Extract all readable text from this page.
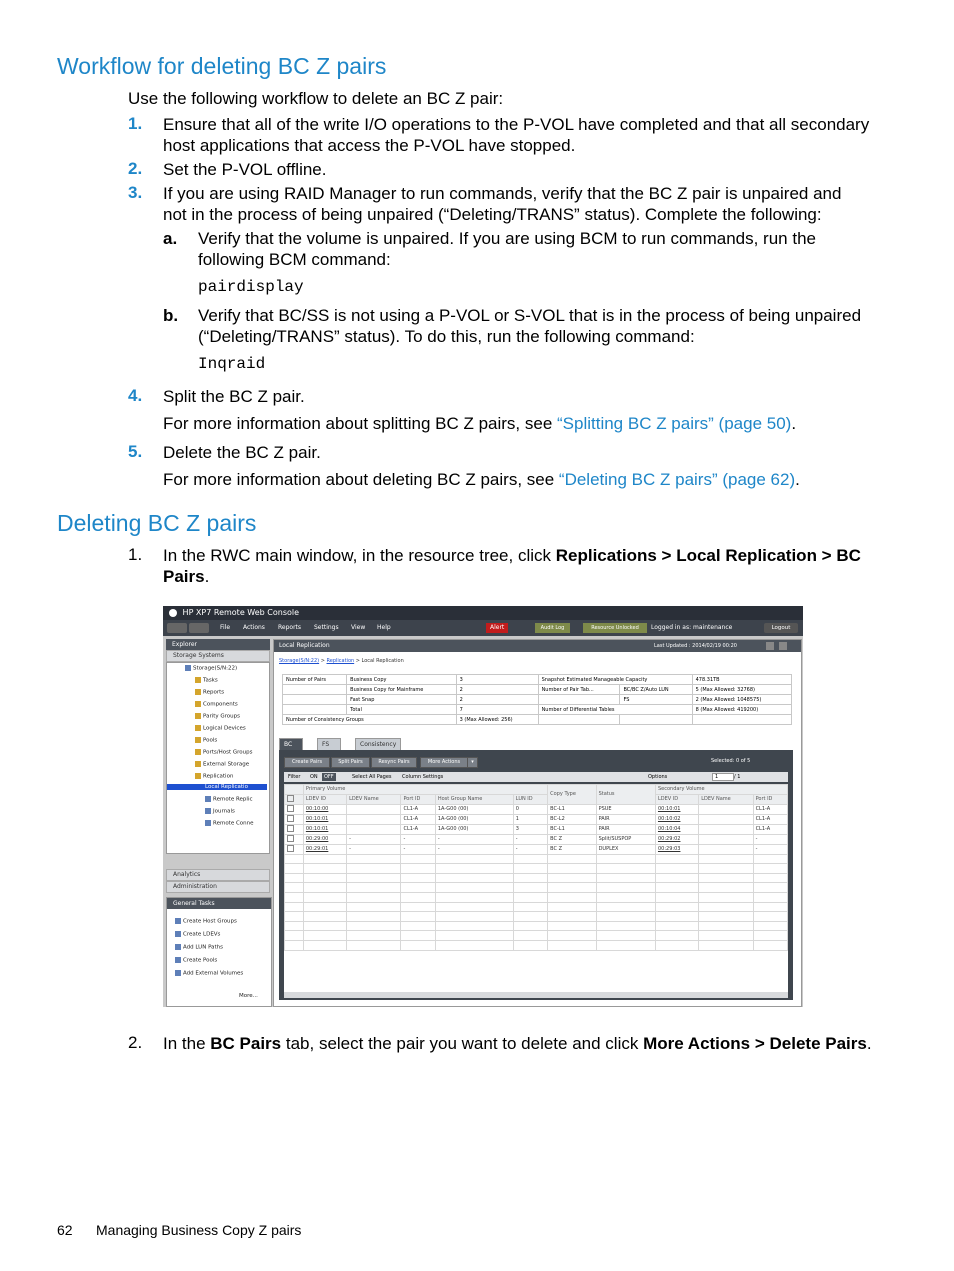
Workflow for deleting BC Z pairs
Use the following workflow to delete an BC Z pair:
1. Ensure that all of the write I/O operations to the P-VOL have completed and that all secondary
host applications that access the P-VOL have stopped.
2. Set the P-VOL offline.
3. If you are using RAID Manager to run commands, verify that the BC Z pair is unpaired and
not in the process of being unpaired (“Deleting/TRANS” status). Complete the following:
a. Verify that the volume is unpaired. If you are using BCM to run commands, run the
following BCM command:
pairdisplay
b. Verify that BC/SS is not using a P-VOL or S-VOL that is in the process of being unpaired
(“Deleting/TRANS” status). To do this, run the following command:
Inqraid
4. Split the BC Z pair.
For more information about splitting BC Z pairs, see “Splitting BC Z pairs” (page 50).
5. Delete the BC Z pair.
For more information about deleting BC Z pairs, see “Deleting BC Z pairs” (page 62).
Deleting BC Z pairs
1. In the RWC main window, in the resource tree, click Replications > Local Replication > BC
Pairs.
HP XP7 Remote Web Console
File Actions Reports Settings View Help	Alert	Audit Log	Resource Unlocked	Logged in as: maintenance	Logout
Explorer
Storage Systems
Storage(S/N:22)
Tasks
Reports
Components
Parity Groups
Logical Devices
Pools
Ports/Host Groups
External Storage
Replication
Local Replicatio
Remote Replic
Journals
Remote Conne
Analytics
Administration
General Tasks
Create Host Groups
Create LDEVs
Add LUN Paths
Create Pools
Add External Volumes
More...
Local Replication	Last Updated : 2014/02/19 00:20
Storage(S/N:22) > Replication > Local Replication
Number of Pairs	Business Copy	3	Snapshot Estimated Manageable Capacity		478.31TB
	Business Copy for Mainframe	2	Number of Pair Tab...	BC/BC Z/Auto LUN	5 (Max Allowed: 32768)
	Fast Snap	2		FS	2 (Max Allowed: 1048575)
	Total	7	Number of Differential Tables		8 (Max Allowed: 419200)
Number of Consistency Groups		3 (Max Allowed: 256)			
BC	FS	Consistency
Create Pairs	Split Pairs	Resync Pairs	More Actions	▾	Selected: 0 of 5
Filter ON	OFF	Select All Pages Column Settings	Options	1	/ 1
	Primary Volume					Copy Type	Status	Secondary Volume		
	LDEV ID	LDEV Name	Port ID	Host Group Name	LUN ID			LDEV ID	LDEV Name	Port ID
	00:10:00		CL1-A	1A-G00 (00)	0	BC-L1	PSUE	00:10:01		CL1-A
	00:10:01		CL1-A	1A-G00 (00)	1	BC-L2	PAIR	00:10:02		CL1-A
	00:10:01		CL1-A	1A-G00 (00)	3	BC-L1	PAIR	00:10:04		CL1-A
	00:29:00	-	-	-	-	BC Z	Split/SUSPOP	00:29:02		-
	00:29:01	-	-	-	-	BC Z	DUPLEX	00:29:03		-

2. In the BC Pairs tab, select the pair you want to delete and click More Actions > Delete Pairs.
62 Managing Business Copy Z pairs
